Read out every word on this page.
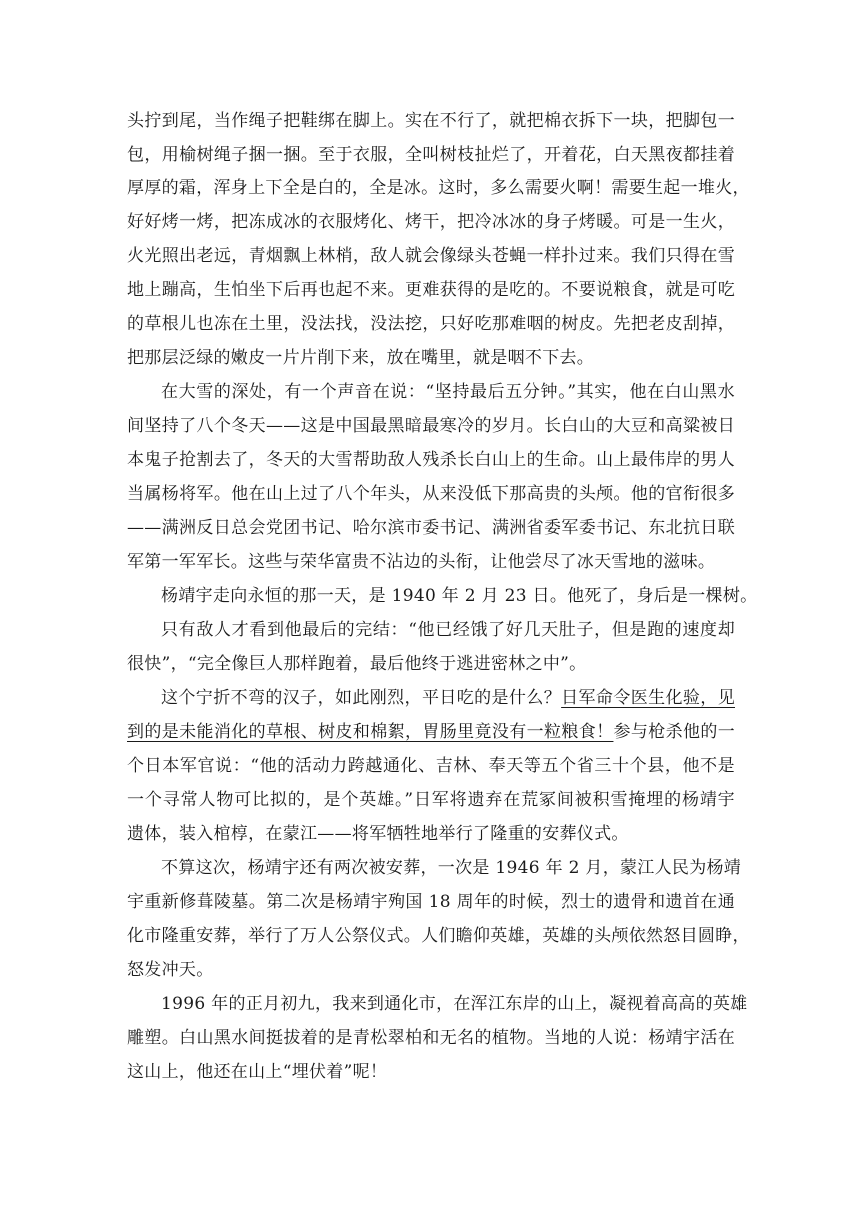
头拧到尾，当作绳子把鞋绑在脚上。实在不行了，就把棉衣拆下一块，把脚包一
包，用榆树绳子捆一捆。至于衣服，全叫树枝扯烂了，开着花，白天黑夜都挂着
厚厚的霜，浑身上下全是白的，全是冰。这时，多么需要火啊！需要生起一堆火，
好好烤一烤，把冻成冰的衣服烤化、烤干，把冷冰冰的身子烤暖。可是一生火，
火光照出老远，青烟飘上林梢，敌人就会像绿头苍蝇一样扑过来。我们只得在雪
地上蹦高，生怕坐下后再也起不来。更难获得的是吃的。不要说粮食，就是可吃
的草根儿也冻在土里，没法找，没法挖，只好吃那难咽的树皮。先把老皮刮掉，
把那层泛绿的嫩皮一片片削下来，放在嘴里，就是咽不下去。
在大雪的深处，有一个声音在说：“坚持最后五分钟。”其实，他在白山黑水
间坚持了八个冬天——这是中国最黑暗最寒冷的岁月。长白山的大豆和高粱被日
本鬼子抢割去了，冬天的大雪帮助敌人残杀长白山上的生命。山上最伟岸的男人
当属杨将军。他在山上过了八个年头，从来没低下那高贵的头颅。他的官衔很多
——满洲反日总会党团书记、哈尔滨市委书记、满洲省委军委书记、东北抗日联
军第一军军长。这些与荣华富贵不沾边的头衔，让他尝尽了冰天雪地的滋味。
杨靖宇走向永恒的那一天，是 1940 年 2 月 23 日。他死了，身后是一棵树。
只有敌人才看到他最后的完结：“他已经饿了好几天肚子，但是跑的速度却
很快”，“完全像巨人那样跑着，最后他终于逃进密林之中”。
这个宁折不弯的汉子，如此刚烈，平日吃的是什么？日军命令医生化验，见
到的是未能消化的草根、树皮和棉絮，胃肠里竟没有一粒粮食！参与枪杀他的一
个日本军官说：“他的活动力跨越通化、吉林、奉天等五个省三十个县，他不是
一个寻常人物可比拟的，是个英雄。”日军将遗弃在荒冢间被积雪掩埋的杨靖宇
遗体，装入棺椁，在蒙江——将军牺牲地举行了隆重的安葬仪式。
不算这次，杨靖宇还有两次被安葬，一次是 1946 年 2 月，蒙江人民为杨靖
宇重新修葺陵墓。第二次是杨靖宇殉国 18 周年的时候，烈士的遗骨和遗首在通
化市隆重安葬，举行了万人公祭仪式。人们瞻仰英雄，英雄的头颅依然怒目圆睁，
怒发冲天。
1996 年的正月初九，我来到通化市，在浑江东岸的山上，凝视着高高的英雄
雕塑。白山黑水间挺拔着的是青松翠柏和无名的植物。当地的人说：杨靖宇活在
这山上，他还在山上“埋伏着”呢！
